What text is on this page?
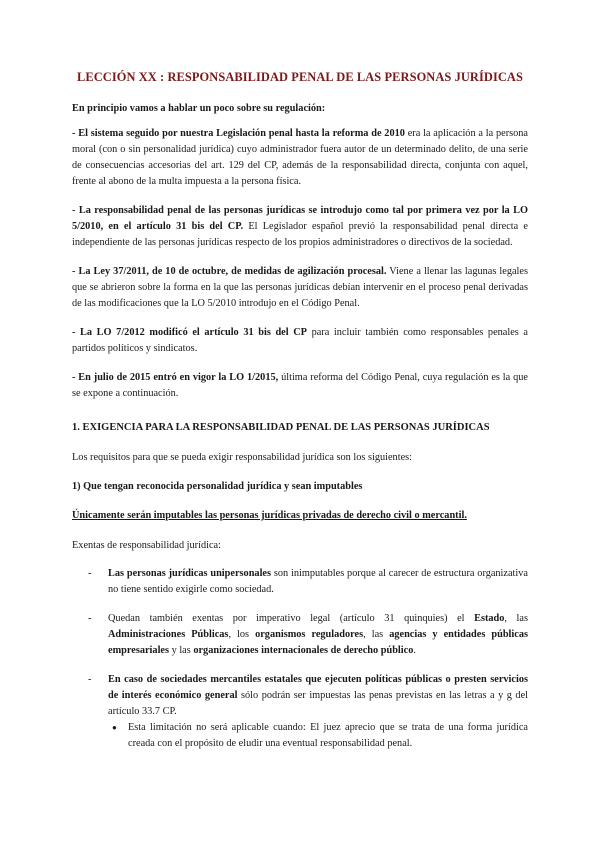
LECCIÓN XX : RESPONSABILIDAD PENAL DE LAS PERSONAS JURÍDICAS

En principio vamos a hablar un poco sobre su regulación:

- El sistema seguido por nuestra Legislación penal hasta la reforma de 2010 era la aplicación a la persona moral (con o sin personalidad jurídica) cuyo administrador fuera autor de un determinado delito, de una serie de consecuencias accesorias del art. 129 del CP, además de la responsabilidad directa, conjunta con aquel, frente al abono de la multa impuesta a la persona física.

- La responsabilidad penal de las personas jurídicas se introdujo como tal por primera vez por la LO 5/2010, en el artículo 31 bis del CP. El Legislador español previó la responsabilidad penal directa e independiente de las personas jurídicas respecto de los propios administradores o directivos de la sociedad.

- La Ley 37/2011, de 10 de octubre, de medidas de agilización procesal. Viene a llenar las lagunas legales que se abrieron sobre la forma en la que las personas jurídicas debían intervenir en el proceso penal derivadas de las modificaciones que la LO 5/2010 introdujo en el Código Penal.

- La LO 7/2012 modificó el artículo 31 bis del CP para incluir también como responsables penales a partidos políticos y sindicatos.

- En julio de 2015 entró en vigor la LO 1/2015, última reforma del Código Penal, cuya regulación es la que se expone a continuación.

1. EXIGENCIA PARA LA RESPONSABILIDAD PENAL DE LAS PERSONAS JURÍDICAS

Los requisitos para que se pueda exigir responsabilidad jurídica son los siguientes:

1) Que tengan reconocida personalidad jurídica y sean imputables

Únicamente serán imputables las personas jurídicas privadas de derecho civil o mercantil.

Exentas de responsabilidad jurídica:

- Las personas jurídicas unipersonales son inimputables porque al carecer de estructura organizativa no tiene sentido exigirle como sociedad.
- Quedan también exentas por imperativo legal (artículo 31 quinquies) el Estado, las Administraciones Públicas, los organismos reguladores, las agencias y entidades públicas empresariales y las organizaciones internacionales de derecho público.
- En caso de sociedades mercantiles estatales que ejecuten políticas públicas o presten servicios de interés económico general sólo podrán ser impuestas las penas previstas en las letras a y g del artículo 33.7 CP.
● Esta limitación no será aplicable cuando: El juez aprecio que se trata de una forma jurídica creada con el propósito de eludir una eventual responsabilidad penal.
